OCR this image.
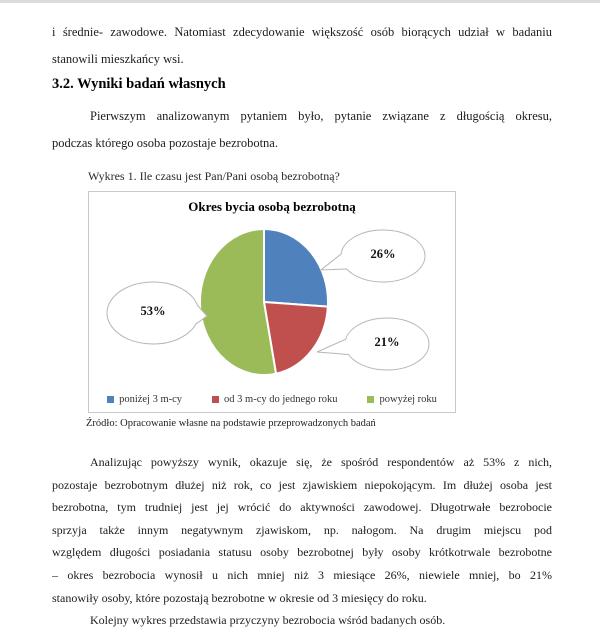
i średnie- zawodowe. Natomiast zdecydowanie większość osób biorących udział w badaniu
stanowili mieszkańcy wsi.
3.2. Wyniki badań własnych
Pierwszym analizowanym pytaniem było, pytanie związane z długością okresu,
podczas którego osoba pozostaje bezrobotna.
Wykres 1. Ile czasu jest Pan/Pani osobą bezrobotną?
Okres bycia osobą bezrobotną
poniżej 3 m-cy	od 3 m-cy do jednego roku	powyżej roku
26%
21%
53%
Źródło: Opracowanie własne na podstawie przeprowadzonych badań
Analizując powyższy wynik, okazuje się, że spośród respondentów aż 53% z nich,
pozostaje bezrobotnym dłużej niż rok, co jest zjawiskiem niepokojącym. Im dłużej osoba jest
bezrobotna, tym trudniej jest jej wrócić do aktywności zawodowej. Długotrwałe bezrobocie
sprzyja także innym negatywnym zjawiskom, np. nałogom. Na drugim miejscu pod
względem długości posiadania statusu osoby bezrobotnej były osoby krótkotrwale bezrobotne
– okres bezrobocia wynosił u nich mniej niż 3 miesiące 26%, niewiele mniej, bo 21%
stanowiły osoby, które pozostają bezrobotne w okresie od 3 miesięcy do roku.
Kolejny wykres przedstawia przyczyny bezrobocia wśród badanych osób.
